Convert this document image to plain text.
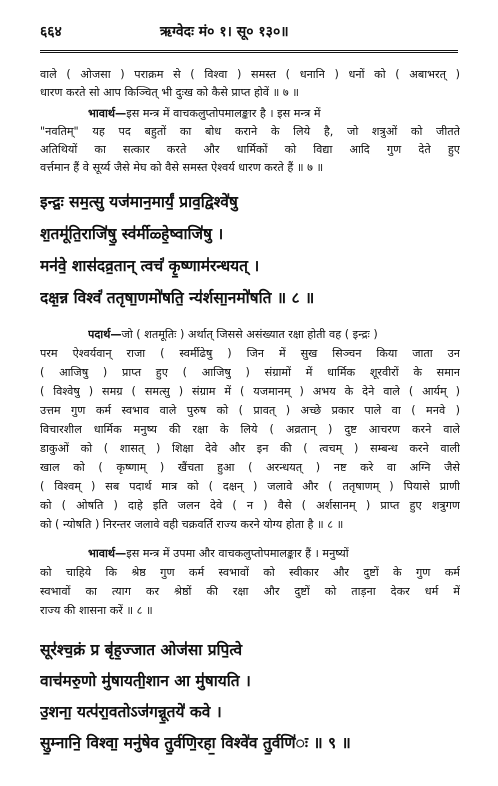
६६४	ऋग्वेदः मं० १। सू० १३०॥
वाले ( ओजसा ) पराक्रम से ( विश्वा ) समस्त ( धनानि ) धनों को ( अबाभरत् )
धारण करते सो आप किञ्चित् भी दुःख को कैसे प्राप्त होवें ॥ ७ ॥
भावार्थ—इस मन्त्र में वाचकलुप्तोपमालङ्कार है । इस मन्त्र में
"नवतिम्" यह पद बहुतों का बोध कराने के लिये है, जो शत्रुओं को जीतते
अतिथियों का सत्कार करते और धार्मिकों को विद्या आदि गुण देते हुए
वर्त्तमान हैं वे सूर्य्य जैसे मेघ को वैसे समस्त ऐश्वर्य धारण करते हैं ॥ ७ ॥
इन्द्रः॒ सम॒त्सु यज॑मान॒मार्यं॒ प्राव॒द्विश्वे॑षु
श॒तमू॑ति॒राजि॑षु॒ स्व॑र्मीळ्हे॒ष्वाजि॑षु ।
मन॑वे॒ शास॑दव्र॒तान् त्वचं॑ कृ॒ष्णाम॑रन्धयत् ।
दक्ष॒न्न विश्वं॑ ततृषा॒णमो॑षति॒ न्य॑र्शसा॒नमो॑षति ॥ ८ ॥
पदार्थ—जो ( शतमूतिः ) अर्थात् जिससे असंख्यात रक्षा होती वह ( इन्द्रः )
परम ऐश्वर्यवान् राजा ( स्वर्मीढेषु ) जिन में सुख सिञ्चन किया जाता उन
( आजिषु ) प्राप्त हुए ( आजिषु ) संग्रामों में धार्मिक शूरवीरों के समान
( विश्वेषु ) समग्र ( समत्सु ) संग्राम में ( यजमानम् ) अभय के देने वाले ( आर्यम् )
उत्तम गुण कर्म स्वभाव वाले पुरुष को ( प्रावत् ) अच्छे प्रकार पाले वा ( मनवे )
विचारशील धार्मिक मनुष्य की रक्षा के लिये ( अव्रतान् ) दुष्ट आचरण करने वाले
डाकुओं को ( शासत् ) शिक्षा देवे और इन की ( त्वचम् ) सम्बन्ध करने वाली
खाल को ( कृष्णाम् ) खैंचता हुआ ( अरन्धयत् ) नष्ट करे वा अग्नि जैसे
( विश्वम् ) सब पदार्थ मात्र को ( दक्षन् ) जलावे और ( ततृषाणम् ) पियासे प्राणी
को ( ओषति ) दाहे इति जलन देवे ( न ) वैसे ( अर्शसानम् ) प्राप्त हुए शत्रुगण
को ( न्योषति ) निरन्तर जलावे वही चक्रवर्ति राज्य करने योग्य होता है ॥ ८ ॥
भावार्थ—इस मन्त्र में उपमा और वाचकलुप्तोपमालङ्कार हैं । मनुष्यों
को चाहिये कि श्रेष्ठ गुण कर्म स्वभावों को स्वीकार और दुष्टों के गुण कर्म
स्वभावों का त्याग कर श्रेष्ठों की रक्षा और दुष्टों को ताड़ना देकर धर्म में
राज्य की शासना करें ॥ ८ ॥
सूर॑श्च॒क्रं प्र बृ॑ह॒ज्जात ओज॑सा प्रपि॒त्वे
वाच॑मरु॒णो मु॑षायती॒शान आ मु॑षायति ।
उ॒शना॒ यत्प॑रा॒वतोऽज॑गन्नू॒तये॑ कवे ।
सु॒म्नानि॒ विश्वा॒ मनु॑षेव तु॒र्वणि॒रहा॒ विश्वे॑व तु॒र्वणि॑ः ॥ ९ ॥
